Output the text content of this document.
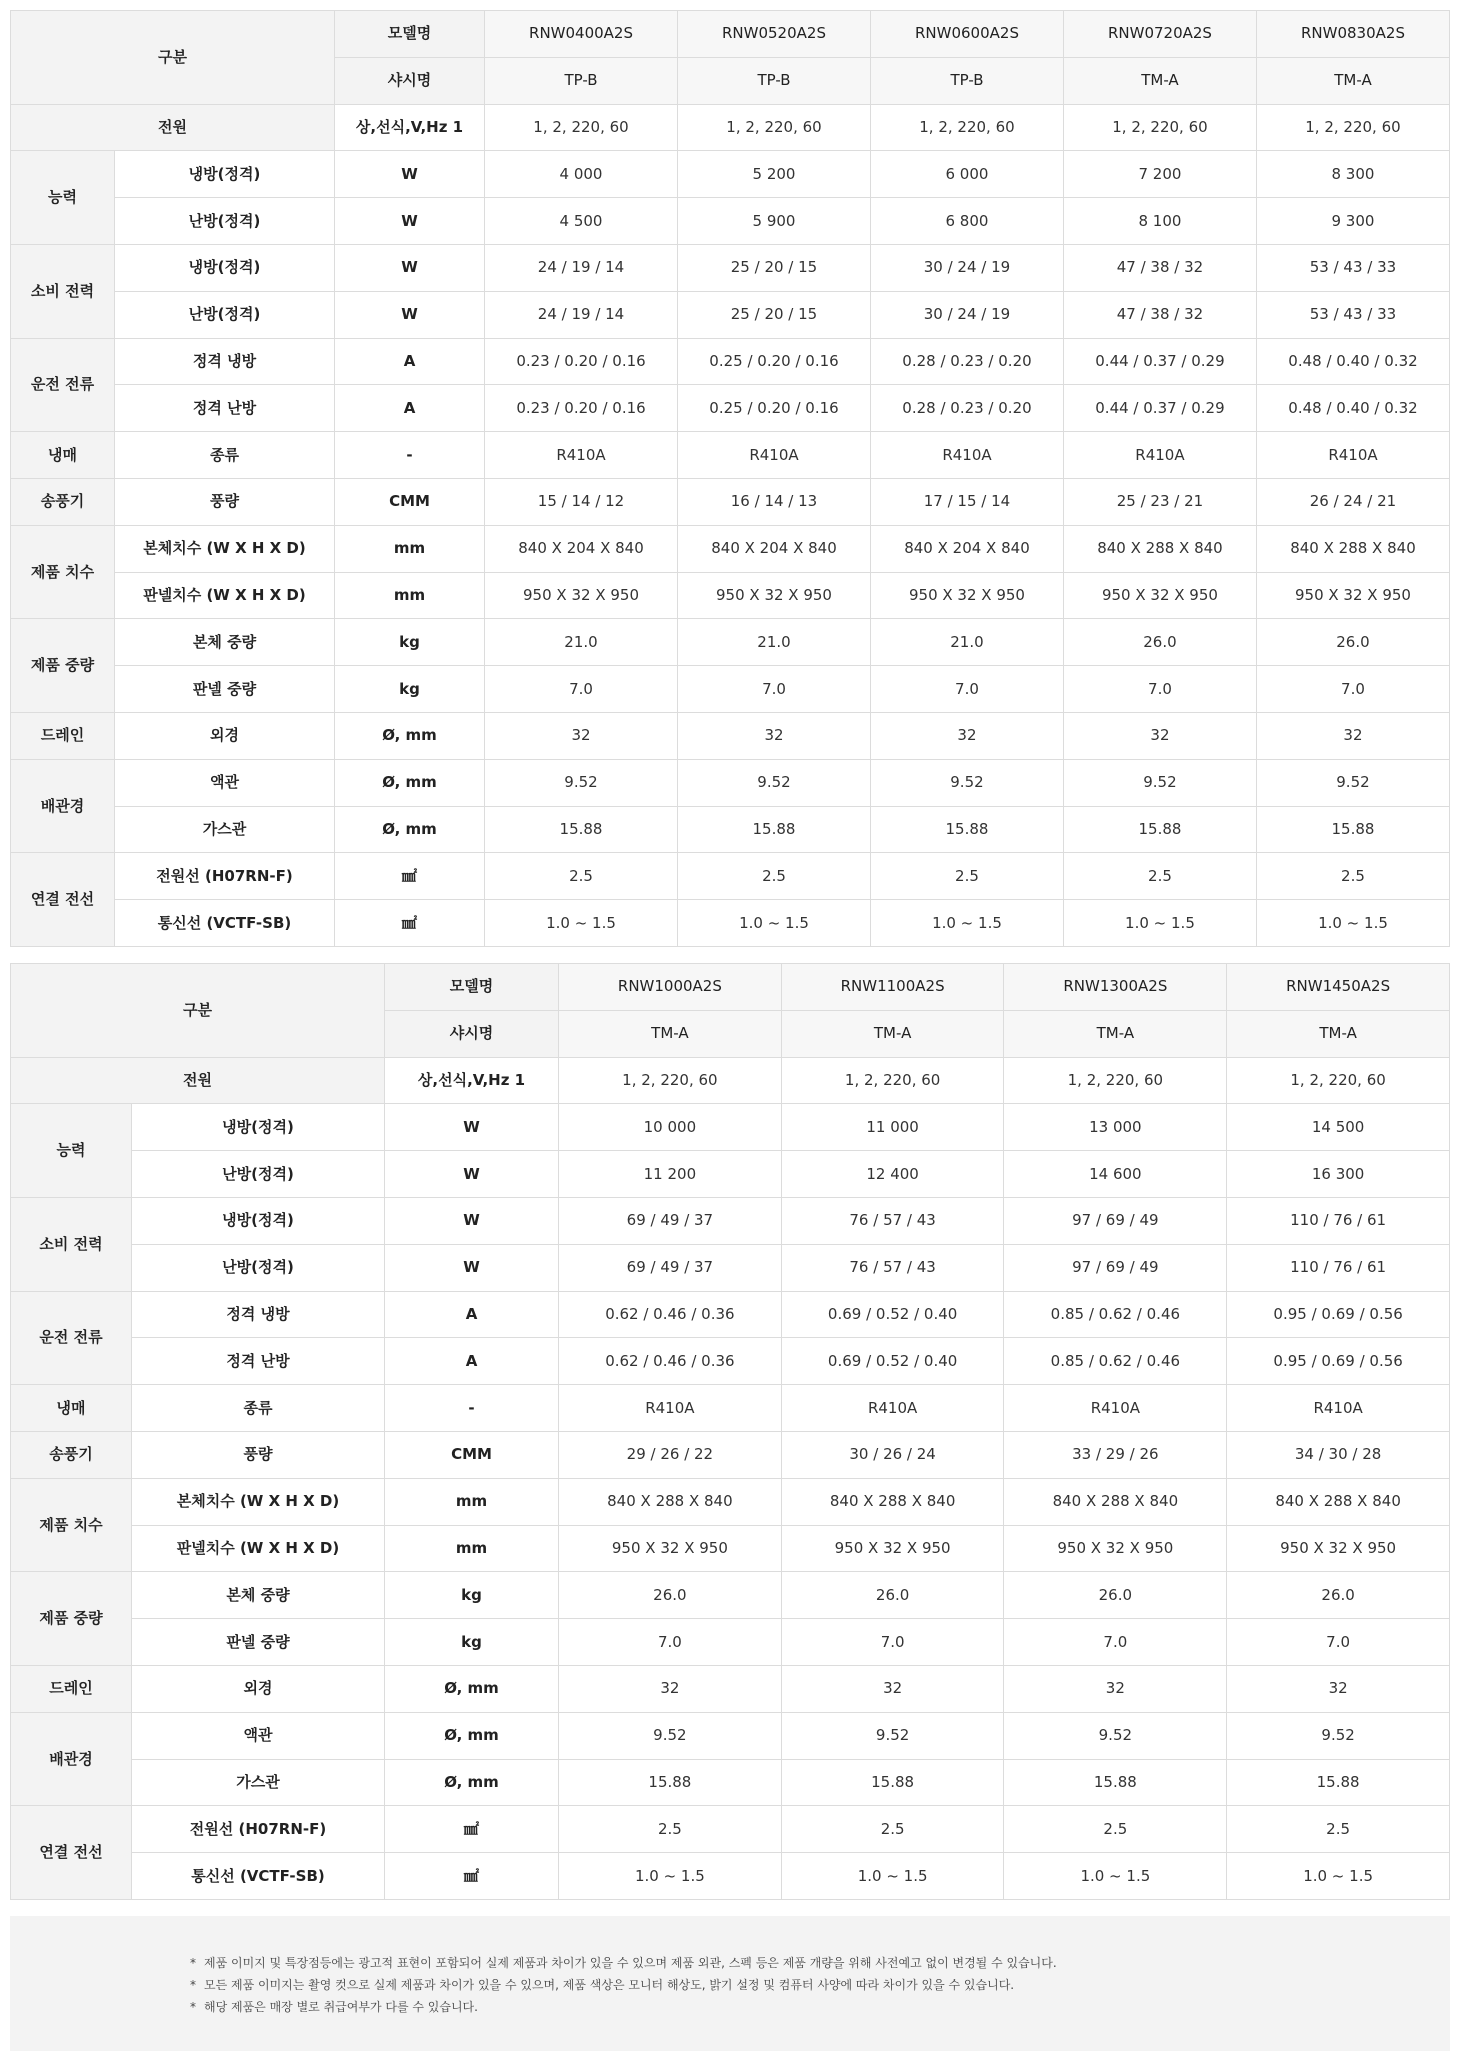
구분		모델명	RNW0400A2S	RNW0520A2S	RNW0600A2S	RNW0720A2S	RNW0830A2S
		샤시명	TP-B	TP-B	TP-B	TM-A	TM-A
전원		상,선식,V,Hz 1	1, 2, 220, 60	1, 2, 220, 60	1, 2, 220, 60	1, 2, 220, 60	1, 2, 220, 60
능력	냉방(정격)	W	4 000	5 200	6 000	7 200	8 300
	난방(정격)	W	4 500	5 900	6 800	8 100	9 300
소비 전력	냉방(정격)	W	24 / 19 / 14	25 / 20 / 15	30 / 24 / 19	47 / 38 / 32	53 / 43 / 33
	난방(정격)	W	24 / 19 / 14	25 / 20 / 15	30 / 24 / 19	47 / 38 / 32	53 / 43 / 33
운전 전류	정격 냉방	A	0.23 / 0.20 / 0.16	0.25 / 0.20 / 0.16	0.28 / 0.23 / 0.20	0.44 / 0.37 / 0.29	0.48 / 0.40 / 0.32
	정격 난방	A	0.23 / 0.20 / 0.16	0.25 / 0.20 / 0.16	0.28 / 0.23 / 0.20	0.44 / 0.37 / 0.29	0.48 / 0.40 / 0.32
냉매	종류	-	R410A	R410A	R410A	R410A	R410A
송풍기	풍량	CMM	15 / 14 / 12	16 / 14 / 13	17 / 15 / 14	25 / 23 / 21	26 / 24 / 21
제품 치수	본체치수 (W X H X D)	mm	840 X 204 X 840	840 X 204 X 840	840 X 204 X 840	840 X 288 X 840	840 X 288 X 840
	판넬치수 (W X H X D)	mm	950 X 32 X 950	950 X 32 X 950	950 X 32 X 950	950 X 32 X 950	950 X 32 X 950
제품 중량	본체 중량	kg	21.0	21.0	21.0	26.0	26.0
	판넬 중량	kg	7.0	7.0	7.0	7.0	7.0
드레인	외경	Ø, mm	32	32	32	32	32
배관경	액관	Ø, mm	9.52	9.52	9.52	9.52	9.52
	가스관	Ø, mm	15.88	15.88	15.88	15.88	15.88
연결 전선	전원선 (H07RN-F)	㎟	2.5	2.5	2.5	2.5	2.5
	통신선 (VCTF-SB)	㎟	1.0 ~ 1.5	1.0 ~ 1.5	1.0 ~ 1.5	1.0 ~ 1.5	1.0 ~ 1.5
구분		모델명	RNW1000A2S	RNW1100A2S	RNW1300A2S	RNW1450A2S
		샤시명	TM-A	TM-A	TM-A	TM-A
전원		상,선식,V,Hz 1	1, 2, 220, 60	1, 2, 220, 60	1, 2, 220, 60	1, 2, 220, 60
능력	냉방(정격)	W	10 000	11 000	13 000	14 500
	난방(정격)	W	11 200	12 400	14 600	16 300
소비 전력	냉방(정격)	W	69 / 49 / 37	76 / 57 / 43	97 / 69 / 49	110 / 76 / 61
	난방(정격)	W	69 / 49 / 37	76 / 57 / 43	97 / 69 / 49	110 / 76 / 61
운전 전류	정격 냉방	A	0.62 / 0.46 / 0.36	0.69 / 0.52 / 0.40	0.85 / 0.62 / 0.46	0.95 / 0.69 / 0.56
	정격 난방	A	0.62 / 0.46 / 0.36	0.69 / 0.52 / 0.40	0.85 / 0.62 / 0.46	0.95 / 0.69 / 0.56
냉매	종류	-	R410A	R410A	R410A	R410A
송풍기	풍량	CMM	29 / 26 / 22	30 / 26 / 24	33 / 29 / 26	34 / 30 / 28
제품 치수	본체치수 (W X H X D)	mm	840 X 288 X 840	840 X 288 X 840	840 X 288 X 840	840 X 288 X 840
	판넬치수 (W X H X D)	mm	950 X 32 X 950	950 X 32 X 950	950 X 32 X 950	950 X 32 X 950
제품 중량	본체 중량	kg	26.0	26.0	26.0	26.0
	판넬 중량	kg	7.0	7.0	7.0	7.0
드레인	외경	Ø, mm	32	32	32	32
배관경	액관	Ø, mm	9.52	9.52	9.52	9.52
	가스관	Ø, mm	15.88	15.88	15.88	15.88
연결 전선	전원선 (H07RN-F)	㎟	2.5	2.5	2.5	2.5
	통신선 (VCTF-SB)	㎟	1.0 ~ 1.5	1.0 ~ 1.5	1.0 ~ 1.5	1.0 ~ 1.5
* 제품 이미지 및 특장점등에는 광고적 표현이 포함되어 실제 제품과 차이가 있을 수 있으며 제품 외관, 스펙 등은 제품 개량을 위해 사전예고 없이 변경될 수 있습니다.
* 모든 제품 이미지는 촬영 컷으로 실제 제품과 차이가 있을 수 있으며, 제품 색상은 모니터 해상도, 밝기 설정 및 컴퓨터 사양에 따라 차이가 있을 수 있습니다.
* 해당 제품은 매장 별로 취급여부가 다를 수 있습니다.
